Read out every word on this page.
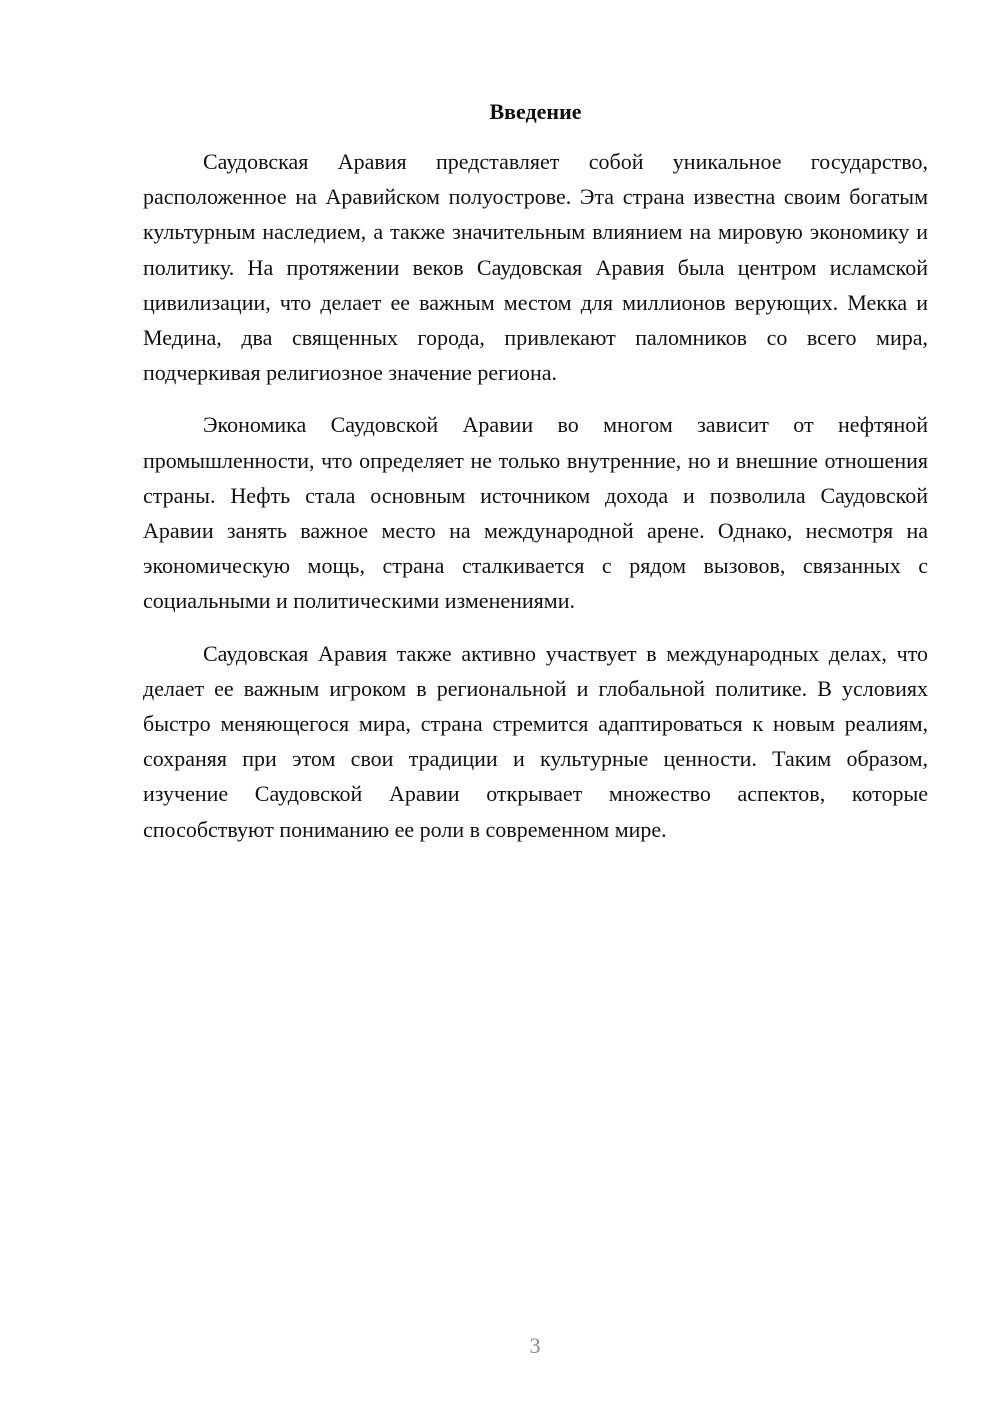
Введение

Саудовская Аравия представляет собой уникальное государство, расположенное на Аравийском полуострове. Эта страна известна своим богатым культурным наследием, а также значительным влиянием на мировую экономику и политику. На протяжении веков Саудовская Аравия была центром исламской цивилизации, что делает ее важным местом для миллионов верующих. Мекка и Медина, два священных города, привлекают паломников со всего мира, подчеркивая религиозное значение региона.

Экономика Саудовской Аравии во многом зависит от нефтяной промышленности, что определяет не только внутренние, но и внешние отношения страны. Нефть стала основным источником дохода и позволила Саудовской Аравии занять важное место на международной арене. Однако, несмотря на экономическую мощь, страна сталкивается с рядом вызовов, связанных с социальными и политическими изменениями.

Саудовская Аравия также активно участвует в международных делах, что делает ее важным игроком в региональной и глобальной политике. В условиях быстро меняющегося мира, страна стремится адаптироваться к новым реалиям, сохраняя при этом свои традиции и культурные ценности. Таким образом, изучение Саудовской Аравии открывает множество аспектов, которые способствуют пониманию ее роли в современном мире.

3
